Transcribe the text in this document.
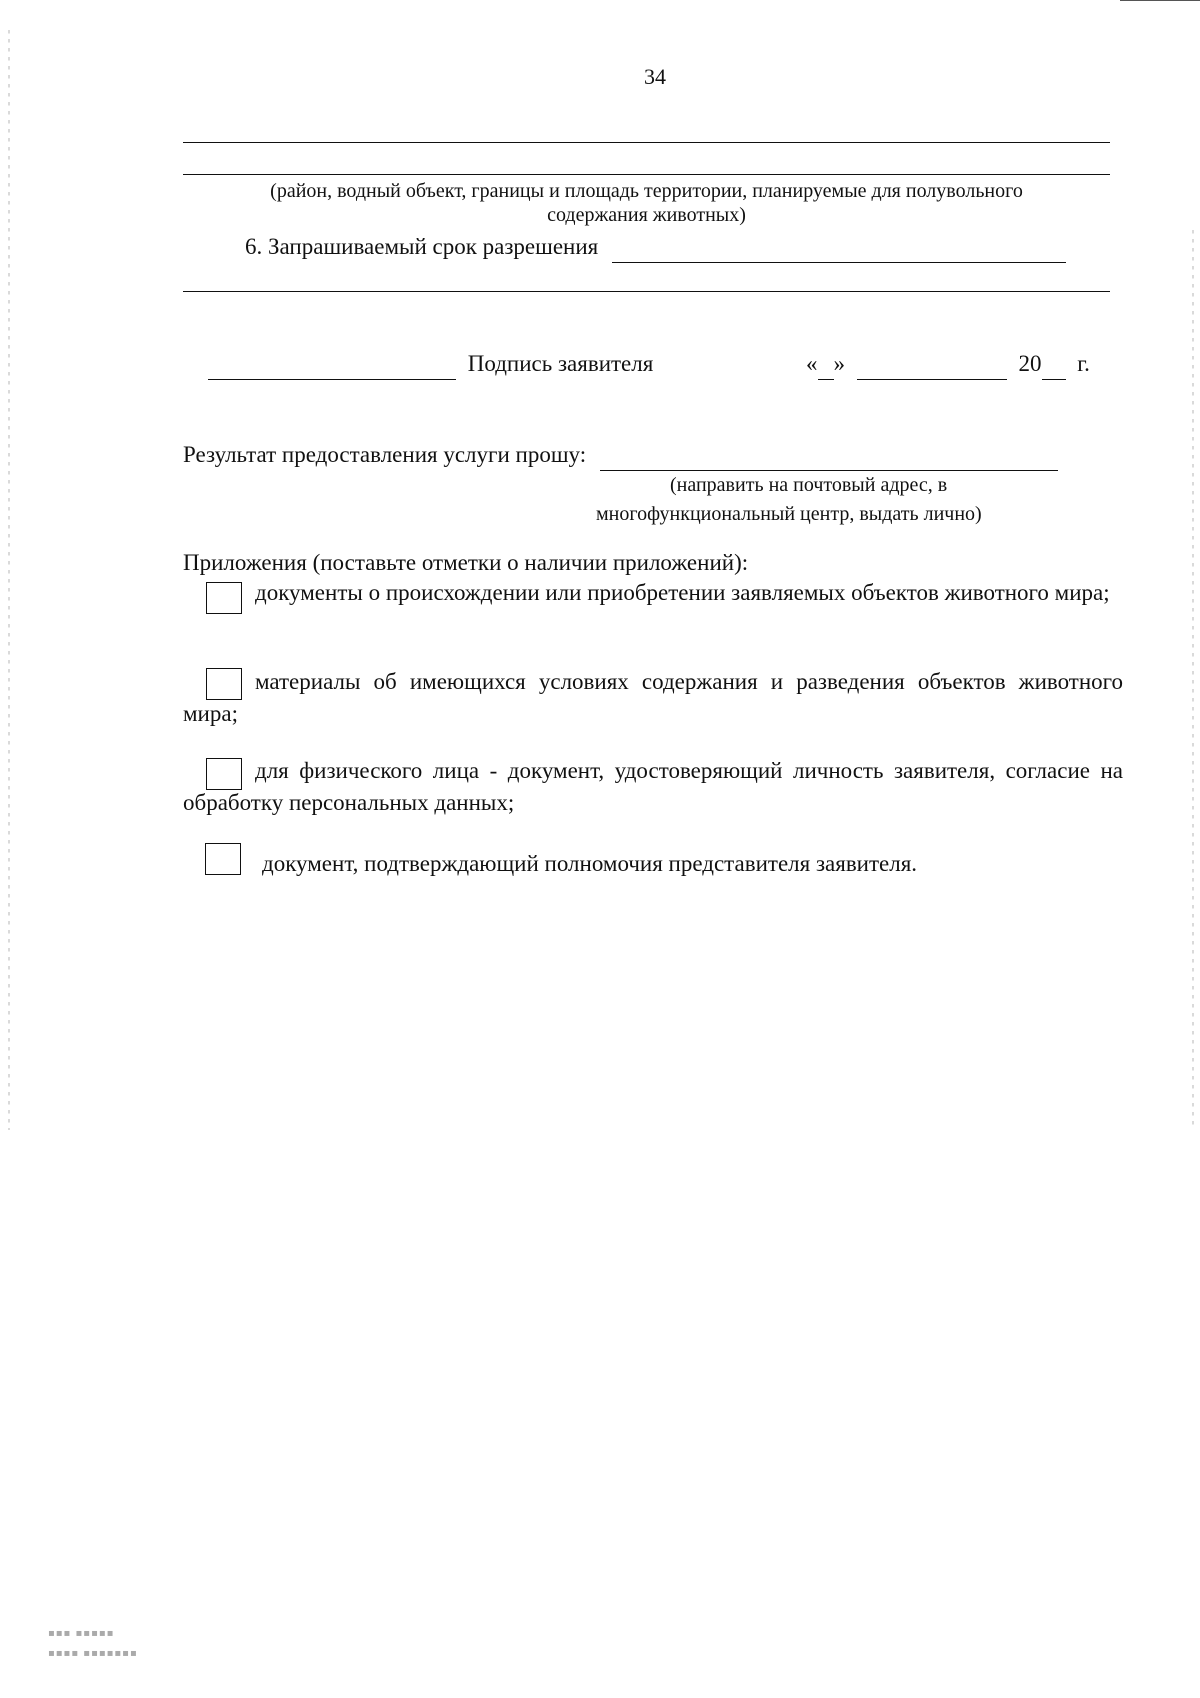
34
(район, водный объект, границы и площадь территории, планируемые для полувольного
содержания животных)
6. Запрашиваемый срок разрешения
Подпись заявителя	« »	20 г.
Результат предоставления услуги прошу:
(направить на почтовый адрес, в
многофункциональный центр, выдать лично)
Приложения (поставьте отметки о наличии приложений):
документы о происхождении или приобретении заявляемых объектов животного мира;
материалы об имеющихся условиях содержания и разведения объектов животного мира;
для физического лица - документ, удостоверяющий личность заявителя, согласие на обработку персональных данных;
документ, подтверждающий полномочия представителя заявителя.
▪▪▪ ▪▪▪▪▪
▪▪▪▪ ▪▪▪▪▪▪▪
